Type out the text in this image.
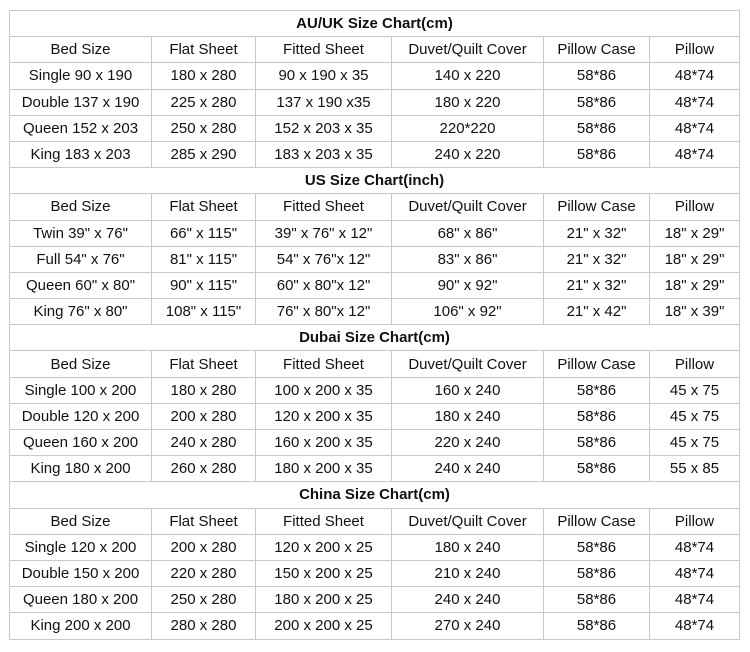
AU/UK Size Chart(cm)					
Bed Size	Flat Sheet	Fitted Sheet	Duvet/Quilt Cover	Pillow Case	Pillow
Single 90 x 190	180 x 280	90 x 190 x 35	140 x 220	58*86	48*74
Double 137 x 190	225 x 280	137 x 190 x35	180 x 220	58*86	48*74
Queen 152 x 203	250 x 280	152 x 203 x 35	220*220	58*86	48*74
King 183 x 203	285 x 290	183 x 203 x 35	240 x 220	58*86	48*74
US Size Chart(inch)					
Bed Size	Flat Sheet	Fitted Sheet	Duvet/Quilt Cover	Pillow Case	Pillow
Twin 39" x 76"	66" x 115"	39" x 76" x 12"	68" x 86"	21" x 32"	18" x 29"
Full 54" x 76"	81" x 115"	54" x 76"x 12"	83" x 86"	21" x 32"	18" x 29"
Queen 60" x 80"	90" x 115"	60" x 80"x 12"	90" x 92"	21" x 32"	18" x 29"
King 76" x 80"	108" x 115"	76" x 80"x 12"	106" x 92"	21" x 42"	18" x 39"
Dubai Size Chart(cm)					
Bed Size	Flat Sheet	Fitted Sheet	Duvet/Quilt Cover	Pillow Case	Pillow
Single 100 x 200	180 x 280	100 x 200 x 35	160 x 240	58*86	45 x 75
Double 120 x 200	200 x 280	120 x 200 x 35	180 x 240	58*86	45 x 75
Queen 160 x 200	240 x 280	160 x 200 x 35	220 x 240	58*86	45 x 75
King 180 x 200	260 x 280	180 x 200 x 35	240 x 240	58*86	55 x 85
China Size Chart(cm)					
Bed Size	Flat Sheet	Fitted Sheet	Duvet/Quilt Cover	Pillow Case	Pillow
Single 120 x 200	200 x 280	120 x 200 x 25	180 x 240	58*86	48*74
Double 150 x 200	220 x 280	150 x 200 x 25	210 x 240	58*86	48*74
Queen 180 x 200	250 x 280	180 x 200 x 25	240 x 240	58*86	48*74
King 200 x 200	280 x 280	200 x 200 x 25	270 x 240	58*86	48*74
